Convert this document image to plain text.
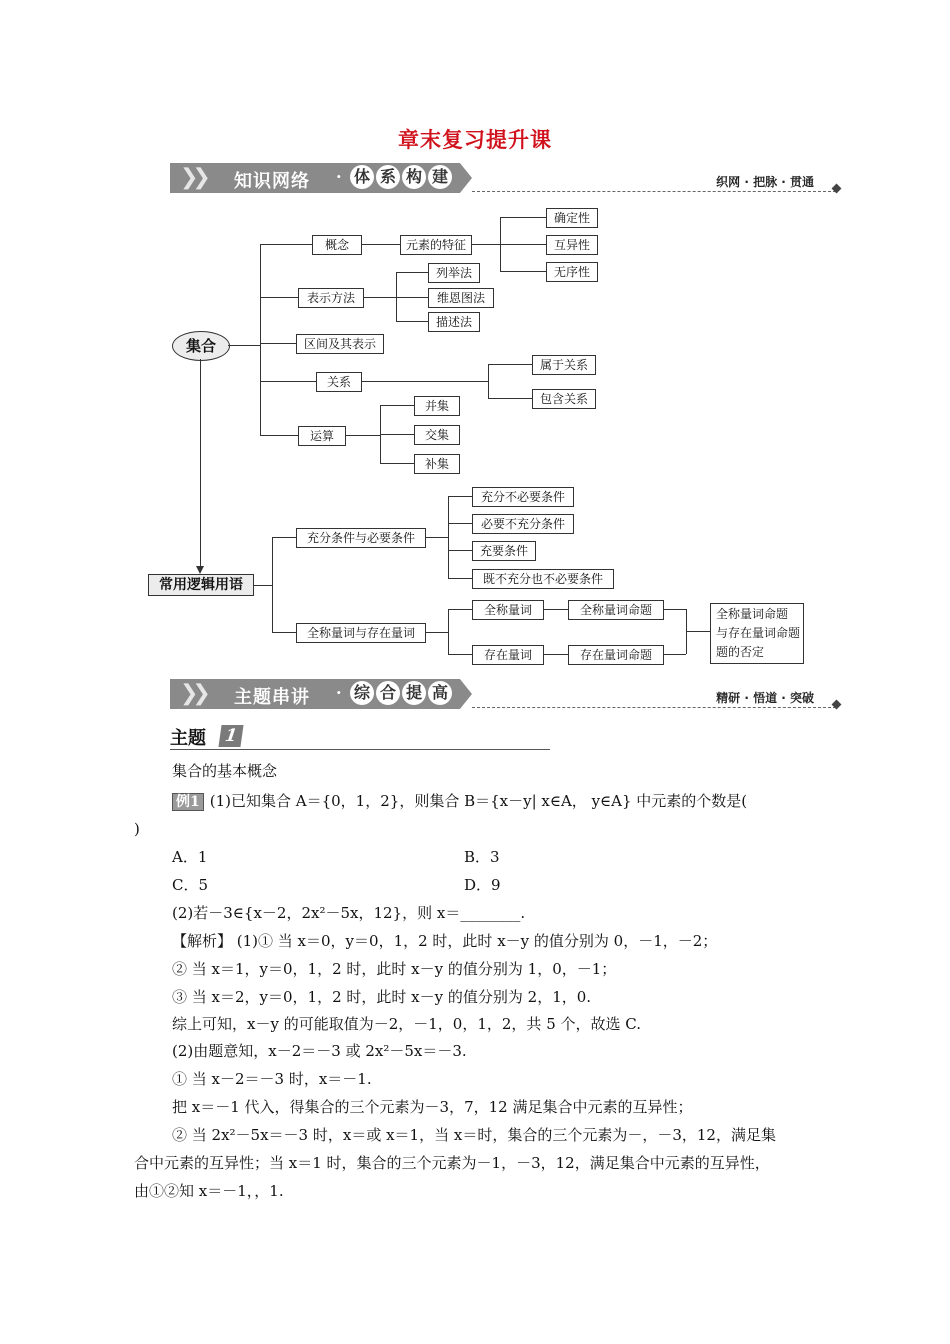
章末复习提升课
❯❯ 知识网络 · 体 系 构 建	织网 · 把脉 · 贯通
集合
概念	元素的特征
确定性
互异性
无序性
表示方法
列举法
维恩图法
描述法
区间及其表示
关系
属于关系
包含关系
运算
并集
交集
补集
常用逻辑用语
充分条件与必要条件
充分不必要条件
必要不充分条件
充要条件
既不充分也不必要条件
全称量词与存在量词
全称量词
存在量词
全称量词命题
存在量词命题
全称量词命题
与存在量词命题
题的否定
❯❯ 主题串讲 · 综 合 提 高	精研 · 悟道 · 突破
主题	1
集合的基本概念
例1 (1)已知集合 A＝{0，1，2}，则集合 B＝{x－y| x∈A， y∈A} 中元素的个数是(
)
A．1	B．3
C．5	D．9
(2)若－3∈{x－2，2x²－5x，12}，则 x＝________.
【解析】 (1)① 当 x＝0，y＝0，1，2 时，此时 x－y 的值分别为 0，－1，－2；
② 当 x＝1，y＝0，1，2 时，此时 x－y 的值分别为 1，0，－1；
③ 当 x＝2，y＝0，1，2 时，此时 x－y 的值分别为 2，1，0.
综上可知，x－y 的可能取值为－2，－1，0，1，2，共 5 个，故选 C.
(2)由题意知，x－2＝－3 或 2x²－5x＝－3.
① 当 x－2＝－3 时，x＝－1.
把 x＝－1 代入，得集合的三个元素为－3，7，12 满足集合中元素的互异性；
② 当 2x²－5x＝－3 时，x＝或 x＝1，当 x＝时，集合的三个元素为－，－3，12，满足集
合中元素的互异性；当 x＝1 时，集合的三个元素为－1，－3，12，满足集合中元素的互异性，
由①②知 x＝－1，，1.
